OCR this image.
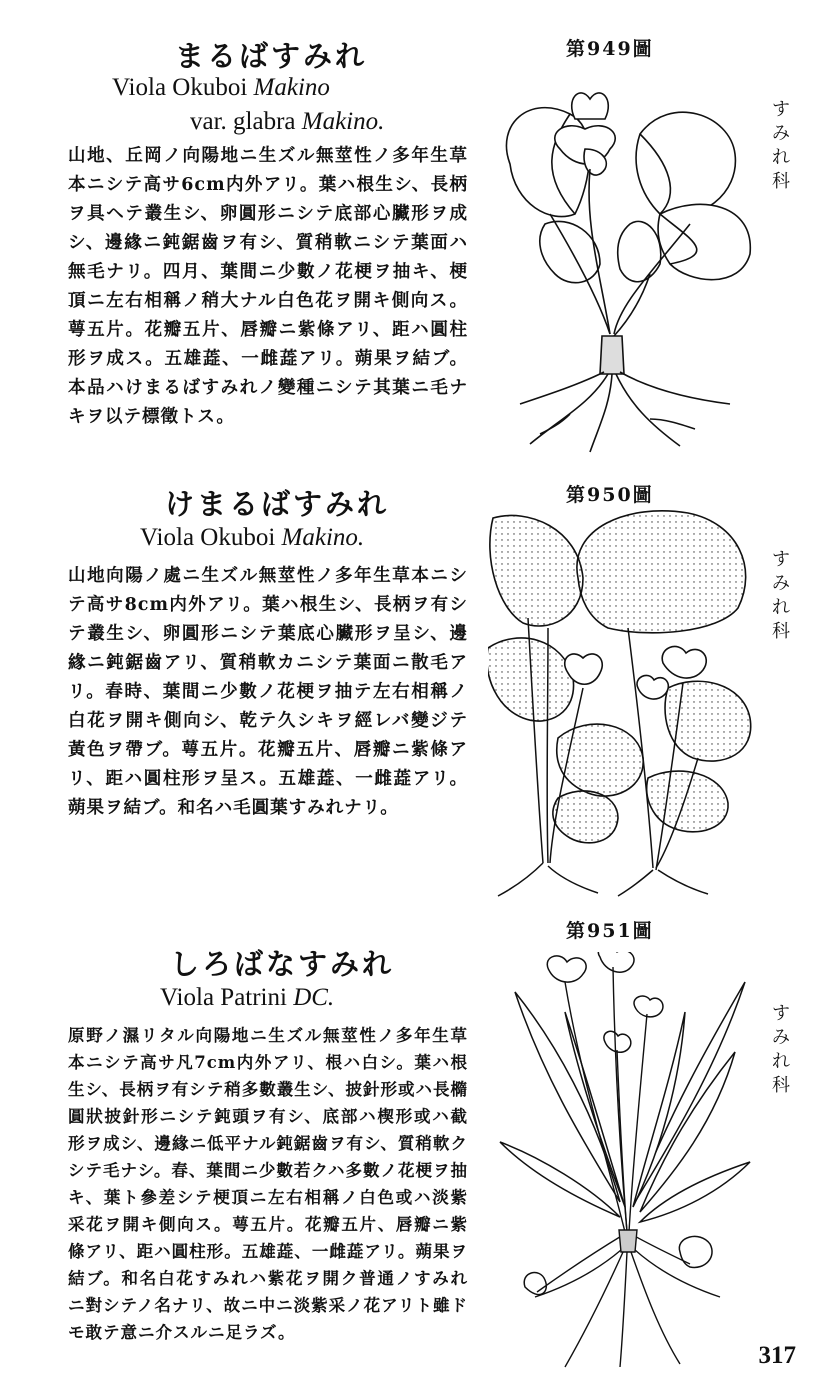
まるばすみれ
Viola Okuboi Makino
var. glabra Makino.
山地、丘岡ノ向陽地ニ生ズル無莖性ノ多年生草本ニシテ高サ6cm内外アリ。葉ハ根生シ、長柄ヲ具ヘテ叢生シ、卵圓形ニシテ底部心臟形ヲ成シ、邊緣ニ鈍鋸齒ヲ有シ、質稍軟ニシテ葉面ハ無毛ナリ。四月、葉間ニ少數ノ花梗ヲ抽キ、梗頂ニ左右相稱ノ稍大ナル白色花ヲ開キ側向ス。萼五片。花瓣五片、唇瓣ニ紫條アリ、距ハ圓柱形ヲ成ス。五雄蕋、一雌蕋アリ。蒴果ヲ結ブ。本品ハけまるばすみれノ變種ニシテ其葉ニ毛ナキヲ以テ標徵トス。
第949圖
すみれ科
けまるばすみれ
Viola Okuboi Makino.
山地向陽ノ處ニ生ズル無莖性ノ多年生草本ニシテ高サ8cm内外アリ。葉ハ根生シ、長柄ヲ有シテ叢生シ、卵圓形ニシテ葉底心臟形ヲ呈シ、邊緣ニ鈍鋸齒アリ、質稍軟カニシテ葉面ニ散毛アリ。春時、葉間ニ少數ノ花梗ヲ抽テ左右相稱ノ白花ヲ開キ側向シ、乾テ久シキヲ經レバ變ジテ黃色ヲ帶ブ。萼五片。花瓣五片、唇瓣ニ紫條アリ、距ハ圓柱形ヲ呈ス。五雄蕋、一雌蕋アリ。蒴果ヲ結ブ。和名ハ毛圓葉すみれナリ。
第950圖
すみれ科
しろばなすみれ
Viola Patrini DC.
原野ノ濕リタル向陽地ニ生ズル無莖性ノ多年生草本ニシテ高サ凡7cm内外アリ、根ハ白シ。葉ハ根生シ、長柄ヲ有シテ稍多數叢生シ、披針形或ハ長橢圓狀披針形ニシテ鈍頭ヲ有シ、底部ハ楔形或ハ截形ヲ成シ、邊緣ニ低平ナル鈍鋸齒ヲ有シ、質稍軟クシテ毛ナシ。春、葉間ニ少數若クハ多數ノ花梗ヲ抽キ、葉ト參差シテ梗頂ニ左右相稱ノ白色或ハ淡紫采花ヲ開キ側向ス。萼五片。花瓣五片、唇瓣ニ紫條アリ、距ハ圓柱形。五雄蕋、一雌蕋アリ。蒴果ヲ結ブ。和名白花すみれハ紫花ヲ開ク普通ノすみれニ對シテノ名ナリ、故ニ中ニ淡紫采ノ花アリト雖ドモ敢テ意ニ介スルニ足ラズ。
第951圖
すみれ科
317
